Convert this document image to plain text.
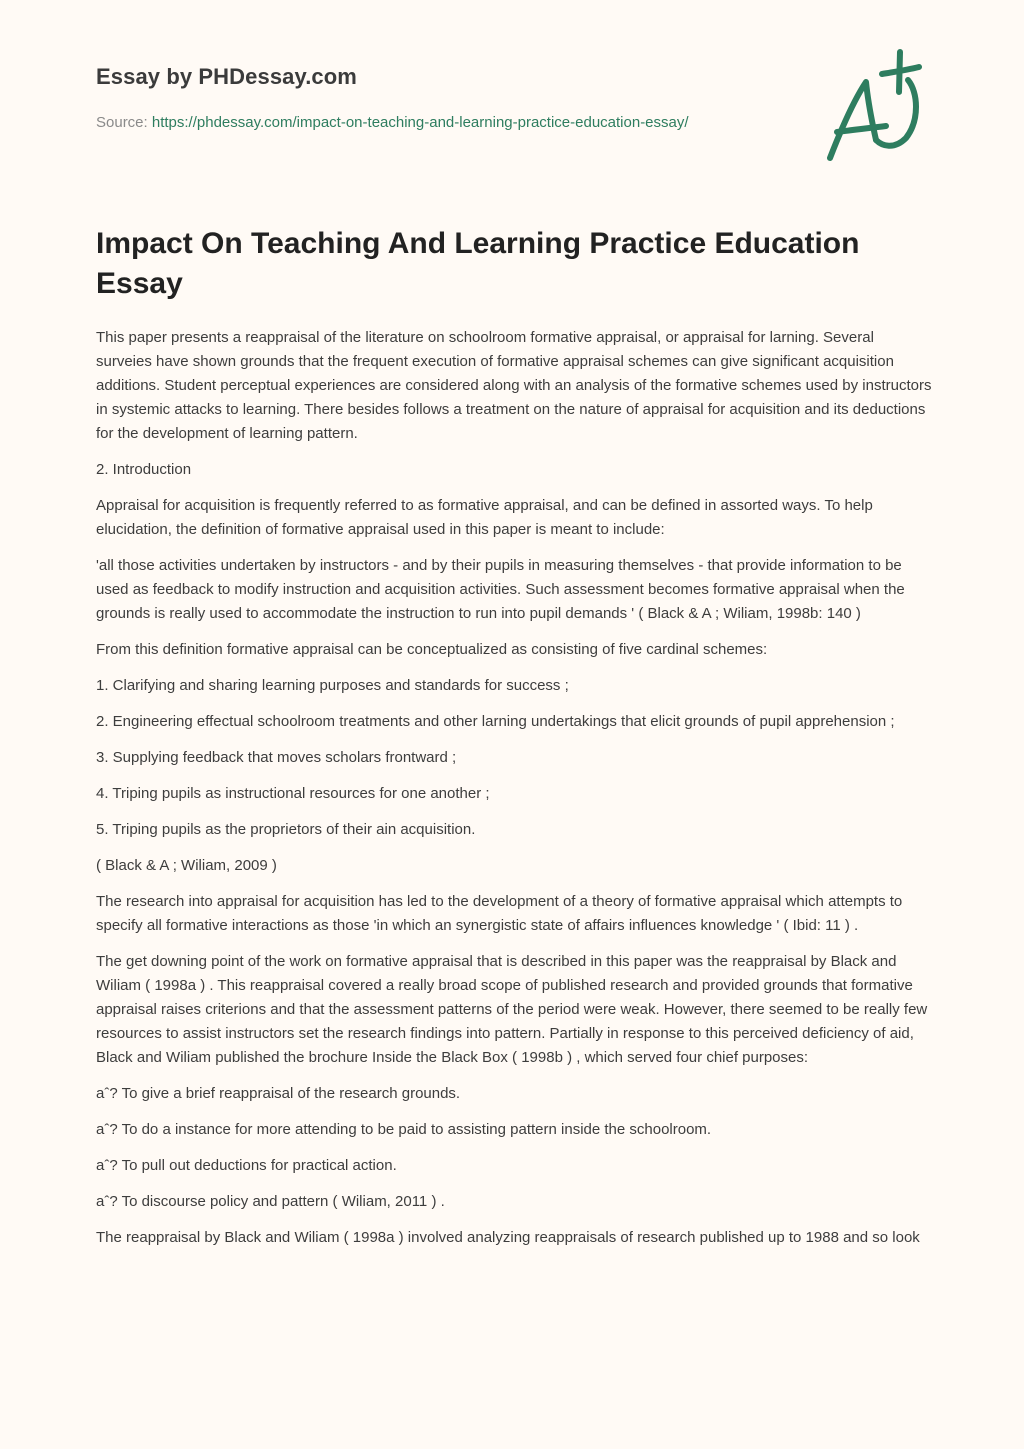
Essay by PHDessay.com
Source: https://phdessay.com/impact-on-teaching-and-learning-practice-education-essay/
Impact On Teaching And Learning Practice Education Essay

This paper presents a reappraisal of the literature on schoolroom formative appraisal, or appraisal for larning. Several surveies have shown grounds that the frequent execution of formative appraisal schemes can give significant acquisition additions. Student perceptual experiences are considered along with an analysis of the formative schemes used by instructors in systemic attacks to learning. There besides follows a treatment on the nature of appraisal for acquisition and its deductions for the development of learning pattern.

2. Introduction

Appraisal for acquisition is frequently referred to as formative appraisal, and can be defined in assorted ways. To help elucidation, the definition of formative appraisal used in this paper is meant to include:

'all those activities undertaken by instructors - and by their pupils in measuring themselves - that provide information to be used as feedback to modify instruction and acquisition activities. Such assessment becomes formative appraisal when the grounds is really used to accommodate the instruction to run into pupil demands ' ( Black & A ; Wiliam, 1998b: 140 )

From this definition formative appraisal can be conceptualized as consisting of five cardinal schemes:

1. Clarifying and sharing learning purposes and standards for success ;

2. Engineering effectual schoolroom treatments and other larning undertakings that elicit grounds of pupil apprehension ;

3. Supplying feedback that moves scholars frontward ;

4. Triping pupils as instructional resources for one another ;

5. Triping pupils as the proprietors of their ain acquisition.

( Black & A ; Wiliam, 2009 )

The research into appraisal for acquisition has led to the development of a theory of formative appraisal which attempts to specify all formative interactions as those 'in which an synergistic state of affairs influences knowledge ' ( Ibid: 11 ) .

The get downing point of the work on formative appraisal that is described in this paper was the reappraisal by Black and Wiliam ( 1998a ) . This reappraisal covered a really broad scope of published research and provided grounds that formative appraisal raises criterions and that the assessment patterns of the period were weak. However, there seemed to be really few resources to assist instructors set the research findings into pattern. Partially in response to this perceived deficiency of aid, Black and Wiliam published the brochure Inside the Black Box ( 1998b ) , which served four chief purposes:

aˆ? To give a brief reappraisal of the research grounds.

aˆ? To do a instance for more attending to be paid to assisting pattern inside the schoolroom.

aˆ? To pull out deductions for practical action.

aˆ? To discourse policy and pattern ( Wiliam, 2011 ) .

The reappraisal by Black and Wiliam ( 1998a ) involved analyzing reappraisals of research published up to 1988 and so look
